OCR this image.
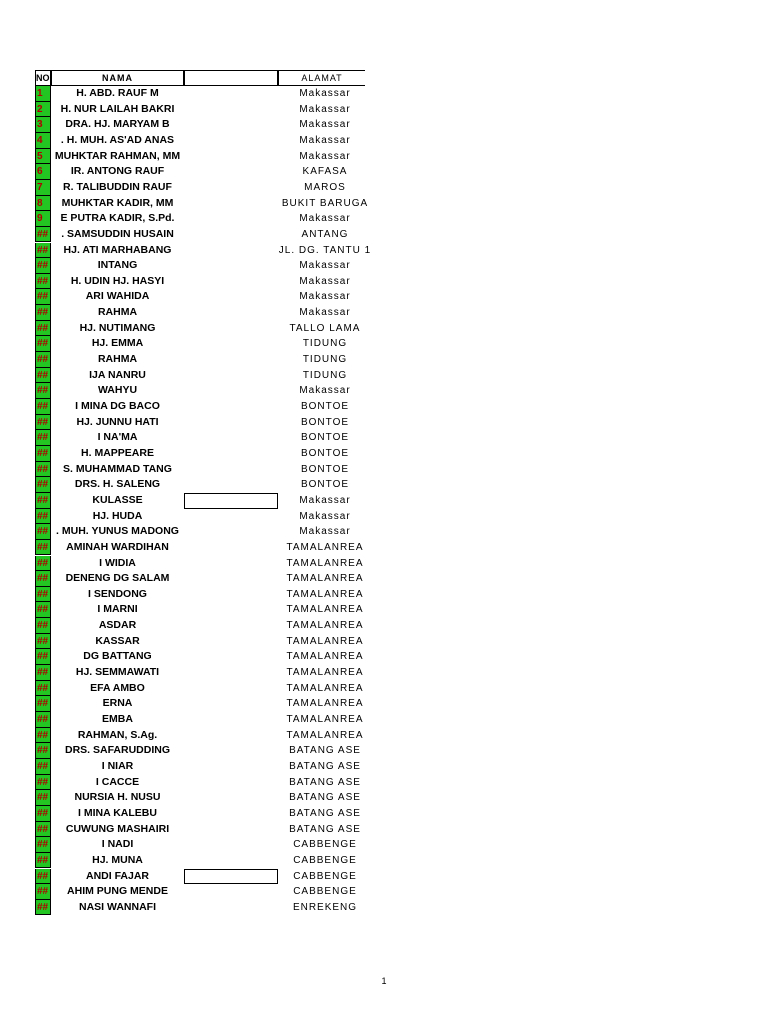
NO	NAMA	ALAMAT
1	H. ABD. RAUF M	Makassar
2	H. NUR LAILAH BAKRI	Makassar
3	DRA. HJ. MARYAM B	Makassar
4	. H. MUH. AS'AD ANAS	Makassar
5	MUHKTAR RAHMAN, MM	Makassar
6	IR. ANTONG RAUF	KAFASA
7	R. TALIBUDDIN RAUF	MAROS
8	MUHKTAR KADIR, MM	BUKIT BARUGA
9	E PUTRA KADIR, S.Pd.	Makassar
## . SAMSUDDIN HUSAIN	ANTANG
## HJ. ATI MARHABANG	JL. DG. TANTU 1
##	INTANG	Makassar
## H. UDIN HJ. HASYI	Makassar
##	ARI WAHIDA	Makassar
##	RAHMA	Makassar
##	HJ. NUTIMANG	TALLO LAMA
##	HJ. EMMA	TIDUNG
##	RAHMA	TIDUNG
##	IJA NANRU	TIDUNG
##	WAHYU	Makassar
##	I MINA DG BACO	BONTOE
##	HJ. JUNNU HATI	BONTOE
##	I NA'MA	BONTOE
##	H. MAPPEARE	BONTOE
## S. MUHAMMAD TANG	BONTOE
##	DRS. H. SALENG	BONTOE
##	KULASSE	Makassar
##	HJ. HUDA	Makassar
## . MUH. YUNUS MADONG	Makassar
## AMINAH WARDIHAN	TAMALANREA
##	I WIDIA	TAMALANREA
## DENENG DG SALAM	TAMALANREA
##	I SENDONG	TAMALANREA
##	I MARNI	TAMALANREA
##	ASDAR	TAMALANREA
##	KASSAR	TAMALANREA
##	DG BATTANG	TAMALANREA
##	HJ. SEMMAWATI	TAMALANREA
##	EFA AMBO	TAMALANREA
##	ERNA	TAMALANREA
##	EMBA	TAMALANREA
##	RAHMAN, S.Ag.	TAMALANREA
## DRS. SAFARUDDING	BATANG ASE
##	I NIAR	BATANG ASE
##	I CACCE	BATANG ASE
##	NURSIA H. NUSU	BATANG ASE
##	I MINA KALEBU	BATANG ASE
## CUWUNG MASHAIRI	BATANG ASE
##	I NADI	CABBENGE
##	HJ. MUNA	CABBENGE
##	ANDI FAJAR	CABBENGE
## AHIM PUNG MENDE	CABBENGE
##	NASI WANNAFI	ENREKENG
1
